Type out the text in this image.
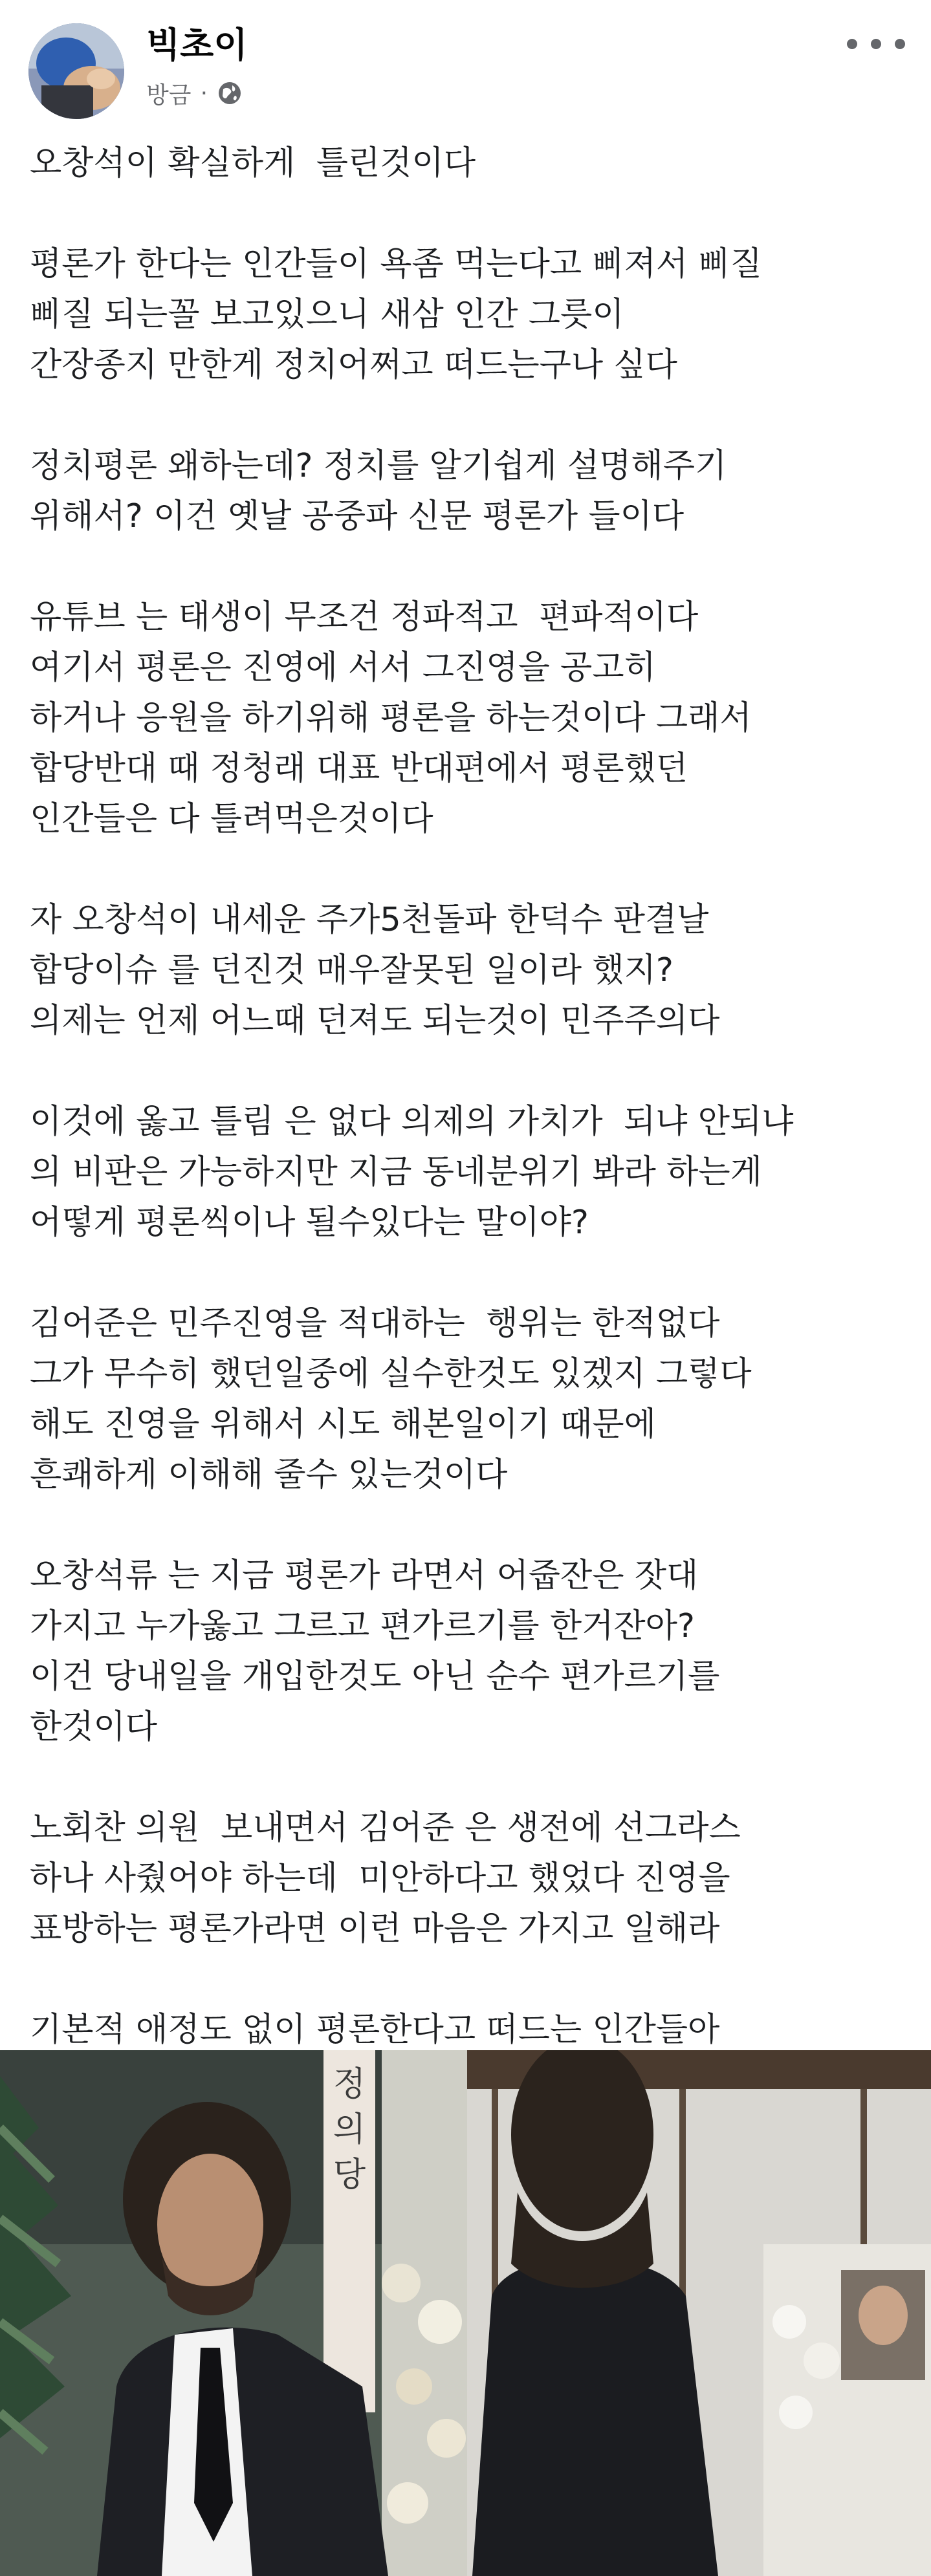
빅초이
방금 ·
오창석이 확실하게  틀린것이다
평론가 한다는 인간들이 욕좀 먹는다고 삐져서 삐질
삐질 되는꼴 보고있으니 새삼 인간 그릇이
간장종지 만한게 정치어쩌고 떠드는구나 싶다
정치평론 왜하는데? 정치를 알기쉽게 설명해주기
위해서? 이건 옛날 공중파 신문 평론가 들이다
유튜브 는 태생이 무조건 정파적고  편파적이다
여기서 평론은 진영에 서서 그진영을 공고히
하거나 응원을 하기위해 평론을 하는것이다 그래서
합당반대 때 정청래 대표 반대편에서 평론했던
인간들은 다 틀려먹은것이다
자 오창석이 내세운 주가5천돌파 한덕수 판결날
합당이슈 를 던진것 매우잘못된 일이라 했지?
의제는 언제 어느때 던져도 되는것이 민주주의다
이것에 옳고 틀림 은 없다 의제의 가치가  되냐 안되냐
의 비판은 가능하지만 지금 동네분위기 봐라 하는게
어떻게 평론씩이나 될수있다는 말이야?
김어준은 민주진영을 적대하는  행위는 한적없다
그가 무수히 했던일중에 실수한것도 있겠지 그렇다
해도 진영을 위해서 시도 해본일이기 때문에
흔쾌하게 이해해 줄수 있는것이다
오창석류 는 지금 평론가 라면서 어줍잔은 잣대
가지고 누가옳고 그르고 편가르기를 한거잔아?
이건 당내일을 개입한것도 아닌 순수 편가르기를
한것이다
노회찬 의원  보내면서 김어준 은 생전에 선그라스
하나 사줬어야 하는데  미안하다고 했었다 진영을
표방하는 평론가라면 이런 마음은 가지고 일해라
기본적 애정도 없이 평론한다고 떠드는 인간들아
정
의
당
